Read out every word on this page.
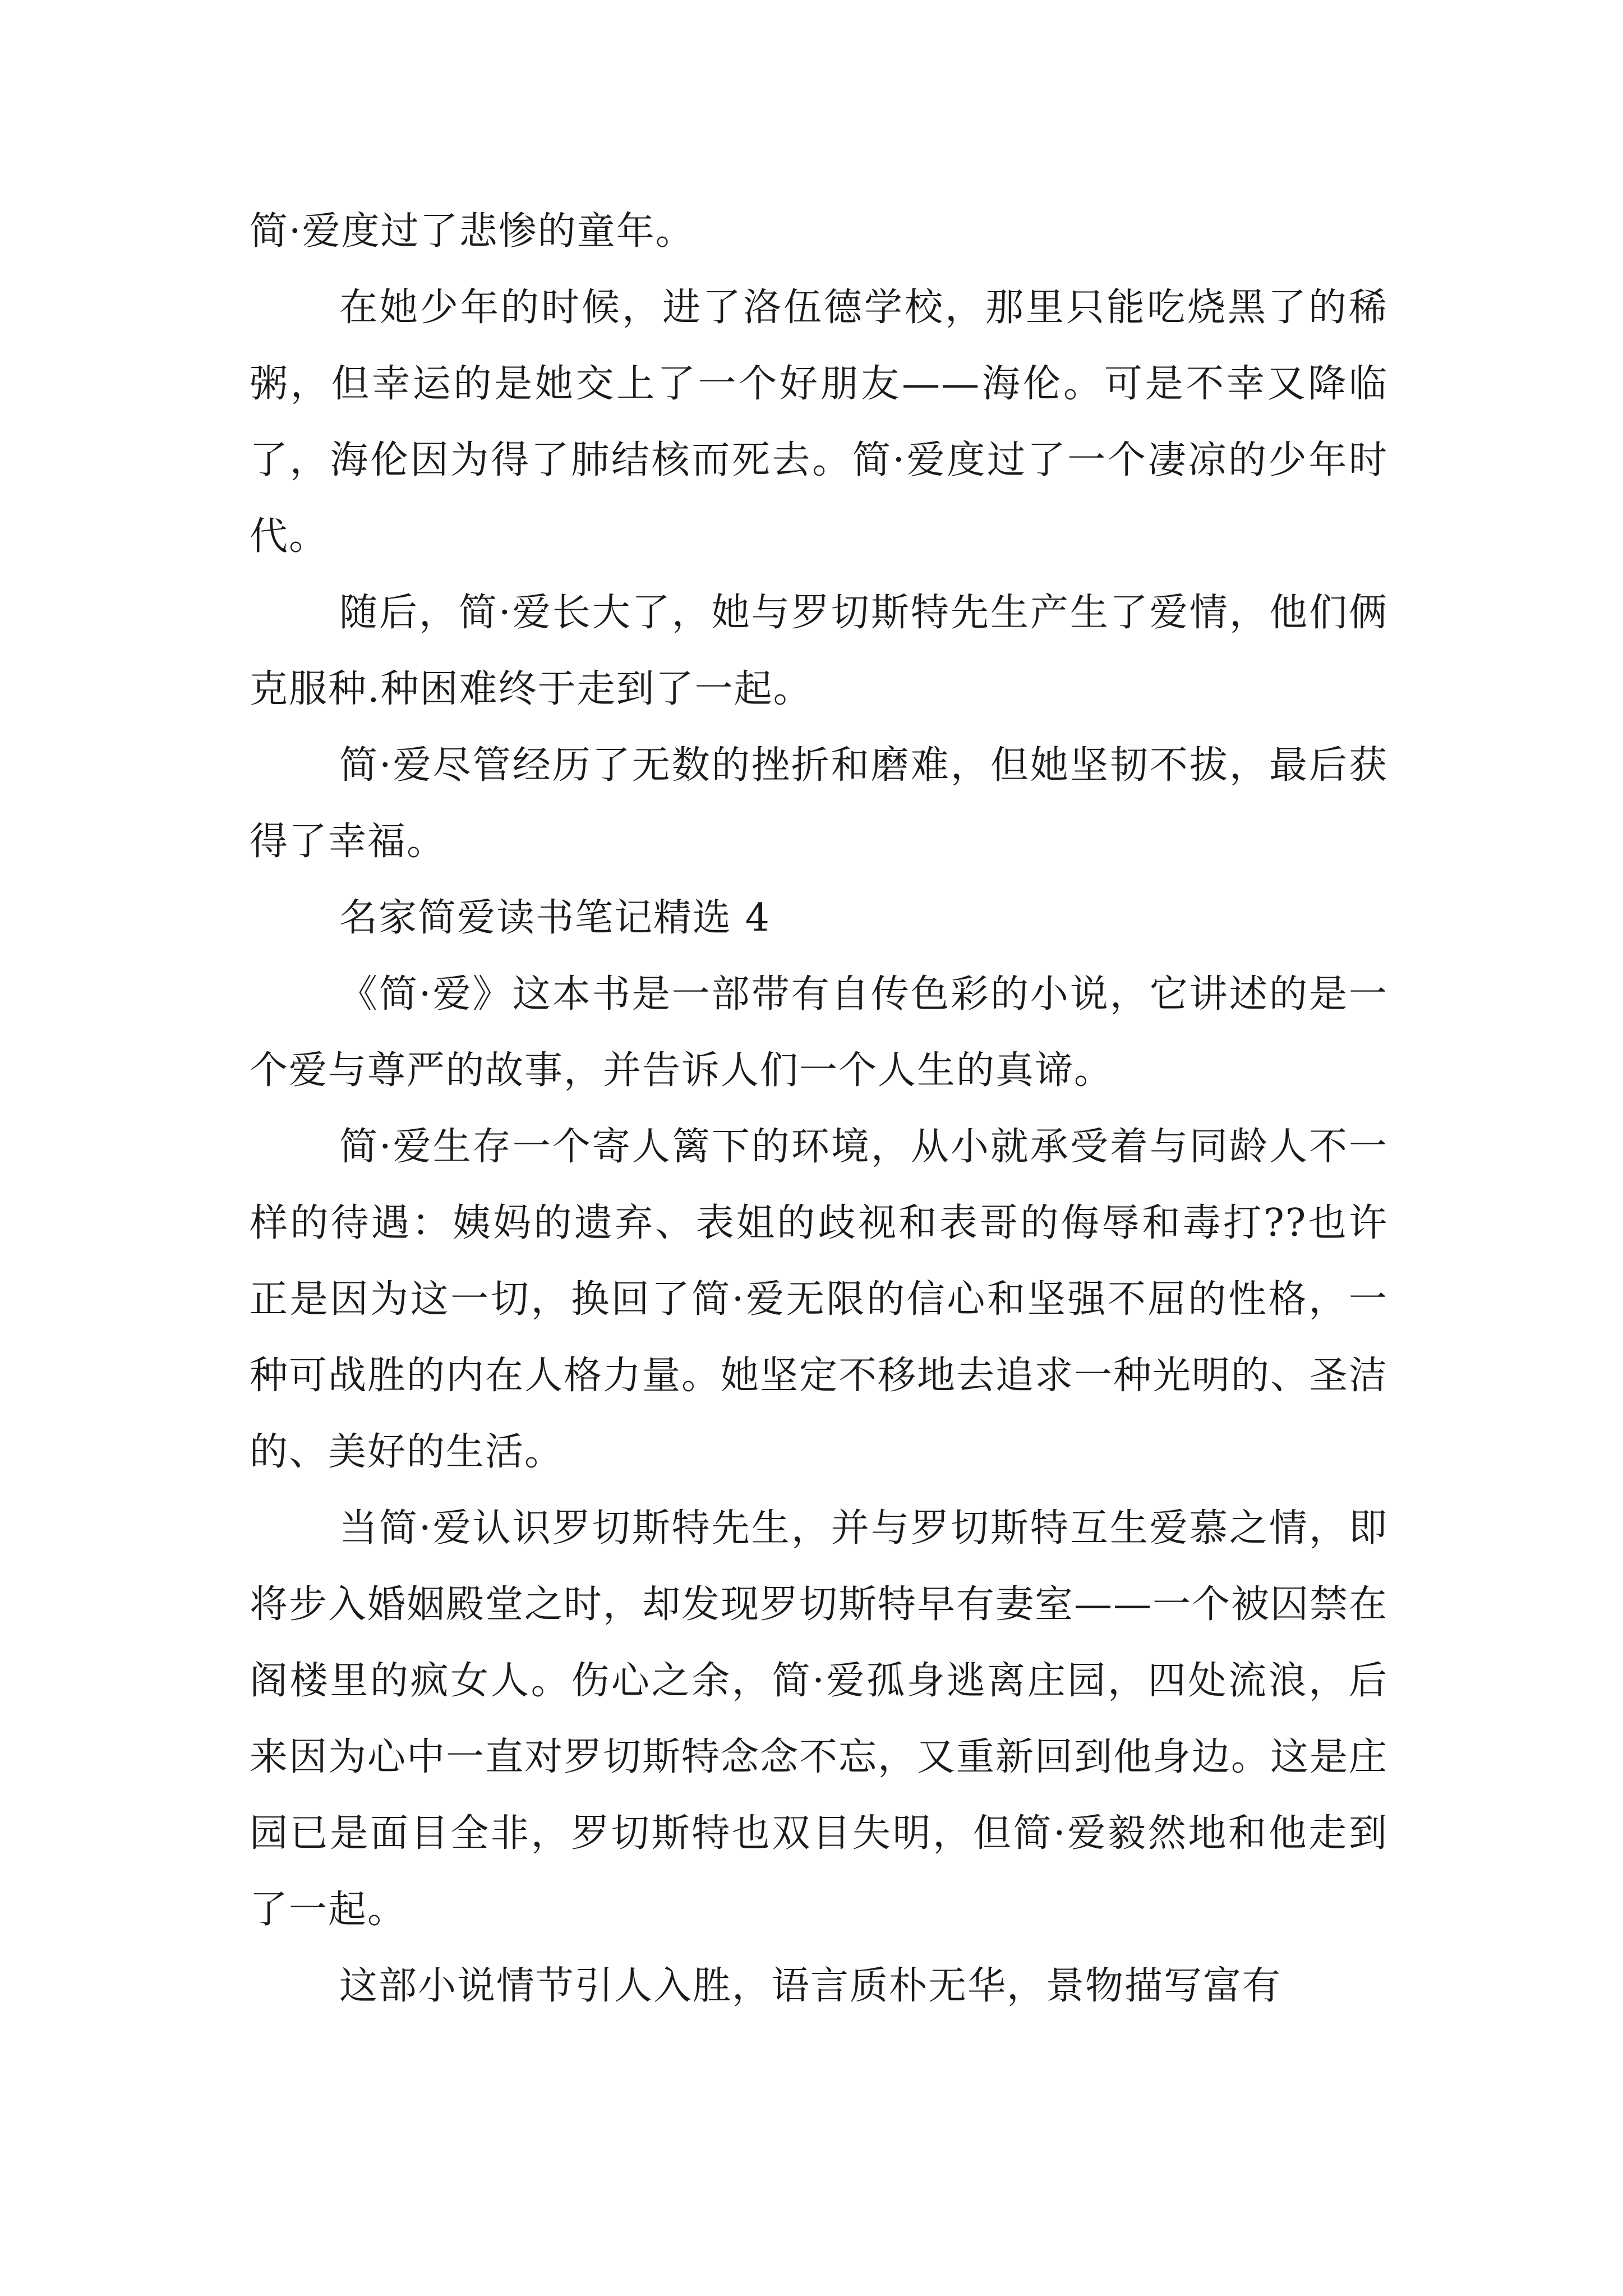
简·爱度过了悲惨的童年。

在她少年的时候，进了洛伍德学校，那里只能吃烧黑了的稀粥，但幸运的是她交上了一个好朋友——海伦。可是不幸又降临了，海伦因为得了肺结核而死去。简·爱度过了一个凄凉的少年时代。

随后，简·爱长大了，她与罗切斯特先生产生了爱情，他们俩克服种.种困难终于走到了一起。

简·爱尽管经历了无数的挫折和磨难，但她坚韧不拔，最后获得了幸福。

名家简爱读书笔记精选 4

《简·爱》这本书是一部带有自传色彩的小说，它讲述的是一个爱与尊严的故事，并告诉人们一个人生的真谛。

简·爱生存一个寄人篱下的环境，从小就承受着与同龄人不一样的待遇：姨妈的遗弃、表姐的歧视和表哥的侮辱和毒打??也许正是因为这一切，换回了简·爱无限的信心和坚强不屈的性格，一种可战胜的内在人格力量。她坚定不移地去追求一种光明的、圣洁的、美好的生活。

当简·爱认识罗切斯特先生，并与罗切斯特互生爱慕之情，即将步入婚姻殿堂之时，却发现罗切斯特早有妻室——一个被囚禁在阁楼里的疯女人。伤心之余，简·爱孤身逃离庄园，四处流浪，后来因为心中一直对罗切斯特念念不忘，又重新回到他身边。这是庄园已是面目全非，罗切斯特也双目失明，但简·爱毅然地和他走到了一起。

这部小说情节引人入胜，语言质朴无华，景物描写富有
